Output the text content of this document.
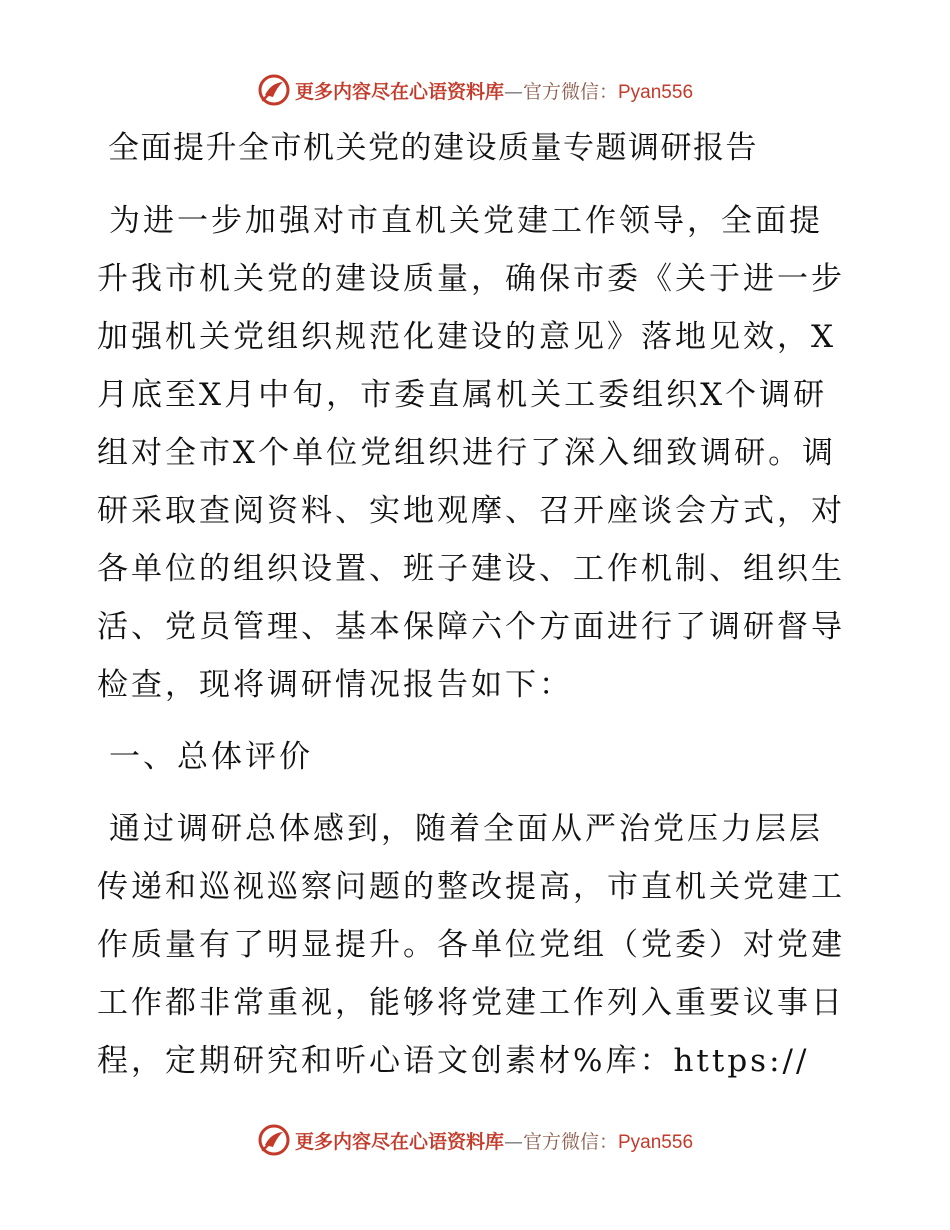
更多内容尽在心语资料库—官方微信：Pyan556
全面提升全市机关党的建设质量专题调研报告
为进一步加强对市直机关党建工作领导，全面提
升我市机关党的建设质量，确保市委《关于进一步
加强机关党组织规范化建设的意见》落地见效，X
月底至X月中旬，市委直属机关工委组织X个调研
组对全市X个单位党组织进行了深入细致调研。调
研采取查阅资料、实地观摩、召开座谈会方式，对
各单位的组织设置、班子建设、工作机制、组织生
活、党员管理、基本保障六个方面进行了调研督导
检查，现将调研情况报告如下：
一、总体评价
通过调研总体感到，随着全面从严治党压力层层
传递和巡视巡察问题的整改提高，市直机关党建工
作质量有了明显提升。各单位党组（党委）对党建
工作都非常重视，能够将党建工作列入重要议事日
程，定期研究和听心语文创素材%库：https://
更多内容尽在心语资料库—官方微信：Pyan556
